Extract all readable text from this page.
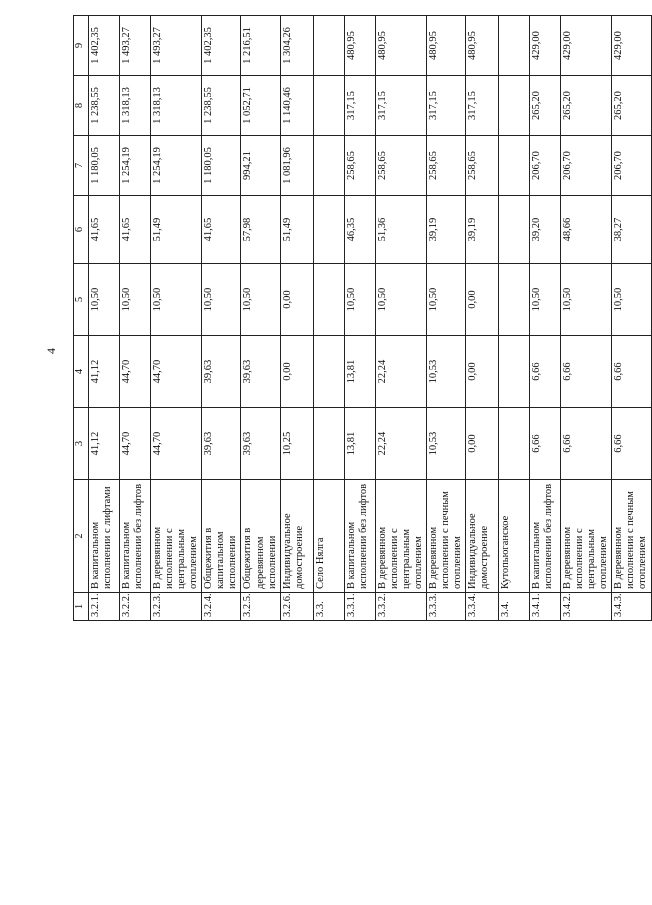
4
1	2	3	4	5	6	7	8	9
3.2.1.	В капитальном исполнении с лифтами	41,12	41,12	10,50	41,65	1 180,05	1 238,55	1 402,35
3.2.2.	В капитальном исполнении без лифтов	44,70	44,70	10,50	41,65	1 254,19	1 318,13	1 493,27
3.2.3.	В деревянном исполнении с центральным отоплением	44,70	44,70	10,50	51,49	1 254,19	1 318,13	1 493,27
3.2.4.	Общежития в капитальном исполнении	39,63	39,63	10,50	41,65	1 180,05	1 238,55	1 402,35
3.2.5.	Общежития в деревянном исполнении	39,63	39,63	10,50	57,98	994,21	1 052,71	1 216,51
3.2.6.	Индивидуальное домостроение	10,25	0,00	0,00	51,49	1 081,96	1 140,46	1 304,26
3.3.	Село Нялга							
3.3.1.	В капитальном исполнении без лифтов	13,81	13,81	10,50	46,35	258,65	317,15	480,95
3.3.2.	В деревянном исполнении с центральным отоплением	22,24	22,24	10,50	51,36	258,65	317,15	480,95
3.3.3.	В деревянном исполнении с печным отоплением	10,53	10,53	10,50	39,19	258,65	317,15	480,95
3.3.4.	Индивидуальное домостроение	0,00	0,00	0,00	39,19	258,65	317,15	480,95
3.4.	Кутопьюганское							
3.4.1.	В капитальном исполнении без лифтов	6,66	6,66	10,50	39,20	206,70	265,20	429,00
3.4.2.	В деревянном исполнении с центральным отоплением	6,66	6,66	10,50	48,66	206,70	265,20	429,00
3.4.3.	В деревянном исполнении с печным отоплением	6,66	6,66	10,50	38,27	206,70	265,20	429,00
